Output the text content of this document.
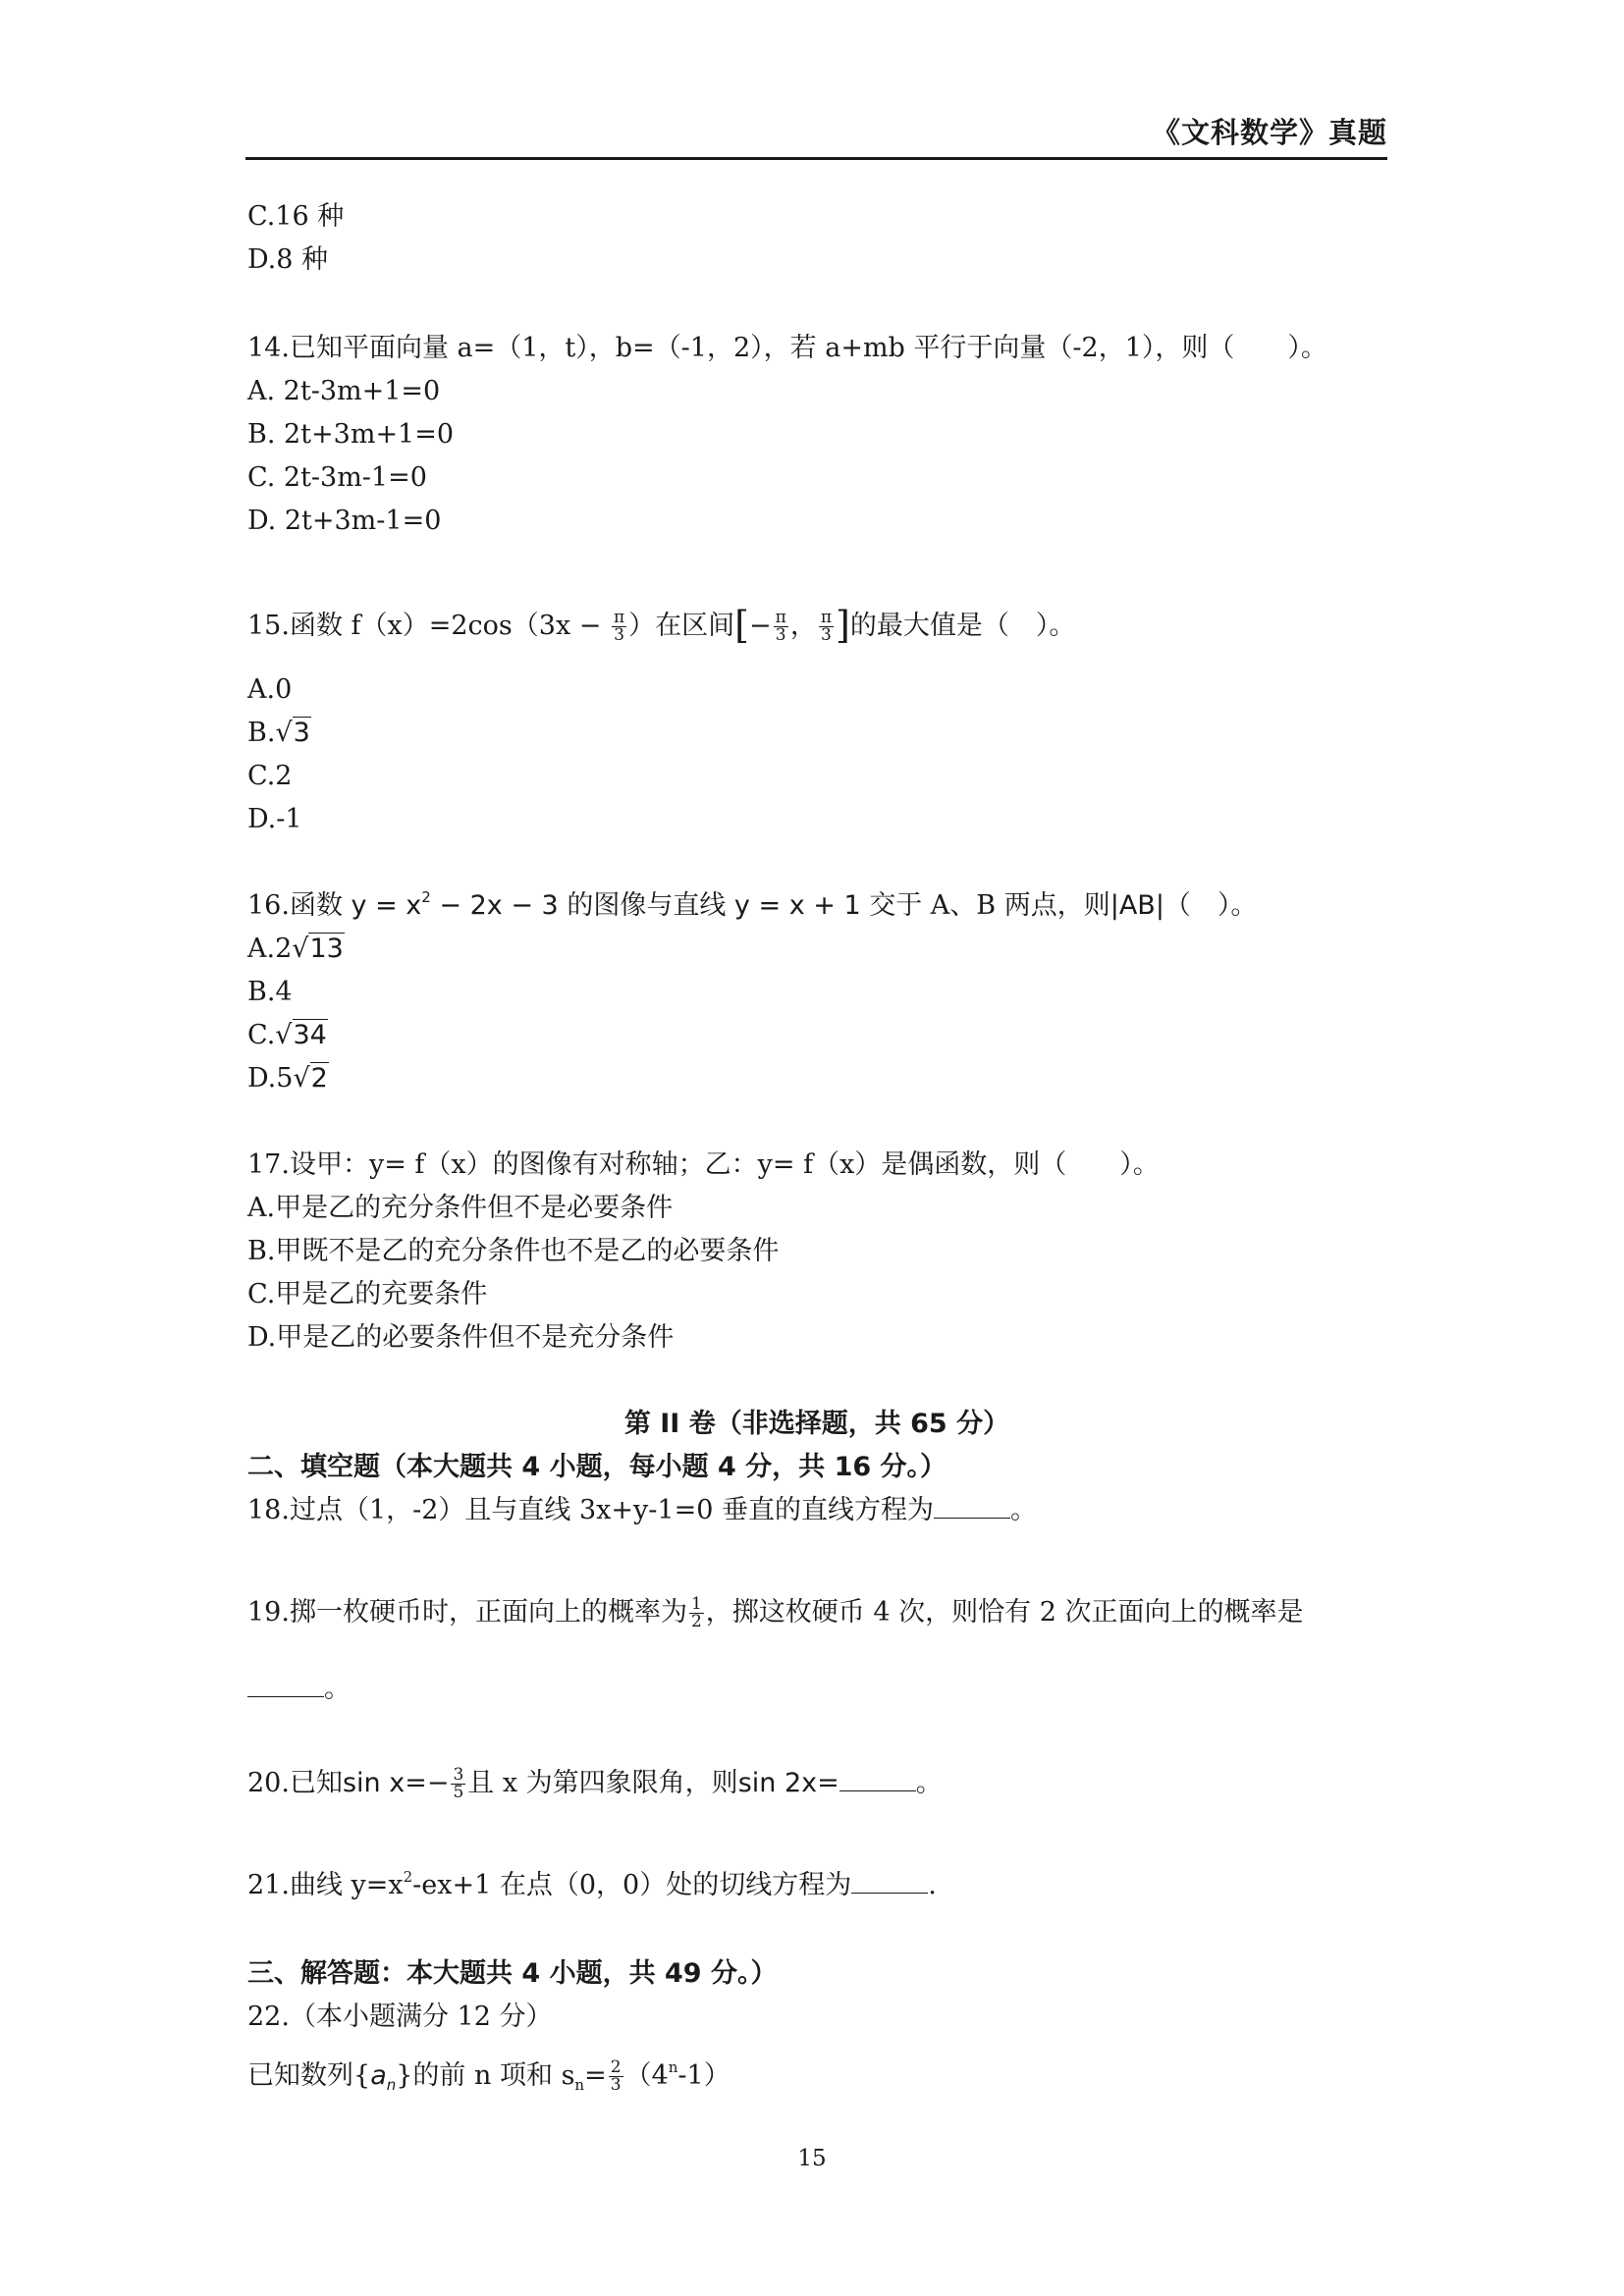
《文科数学》真题
C.16 种
D.8 种
14.已知平面向量 a=（1，t），b=（-1，2），若 a+mb 平行于向量（-2，1），则（　　）。
A. 2t-3m+1=0
B. 2t+3m+1=0
C. 2t-3m-1=0
D. 2t+3m-1=0
15.函数 $f(x)=2\cos(3x - \frac{\pi}{3}$ ）在区间[− $\frac{\pi}{3}$ ， $\frac{\pi}{3}$ ]的最大值是（　）。
A.0
B.√3
C.2
D.-1
16.函数 $y = x^2 - 2x - 3$ 的图像与直线 y = x + 1 交于 A、B 两点，则|AB|（　）。
A.2√13
B.4
C.√34
D.5√2
17.设甲：y= f（x）的图像有对称轴；乙：y= f（x）是偶函数，则（　　）。
A.甲是乙的充分条件但不是必要条件
B.甲既不是乙的充分条件也不是乙的必要条件
C.甲是乙的充要条件
D.甲是乙的必要条件但不是充分条件
第 II 卷（非选择题，共 65 分）
二、填空题（本大题共 4 小题，每小题 4 分，共 16 分。）
18.过点（1，-2）且与直线 3x+y-1=0 垂直的直线方程为	。
19.掷一枚硬币时，正面向上的概率为 $\frac{1}{2}$ ，掷这枚硬币 4 次，则恰有 2 次正面向上的概率是
。
20.已知$\sin x=- \frac{3}{5}$ 且 x 为第四象限角，则sin 2x=	。
21.曲线 $y=x^2-ex+1$ 在点（0，0）处的切线方程为	.
三、解答题：本大题共 4 小题，共 49 分。）
22.（本小题满分 12 分）
已知数列$\{a_n\}$的前 n 项和 $s_n= \frac{2}{3} (4^n-1)$
15
